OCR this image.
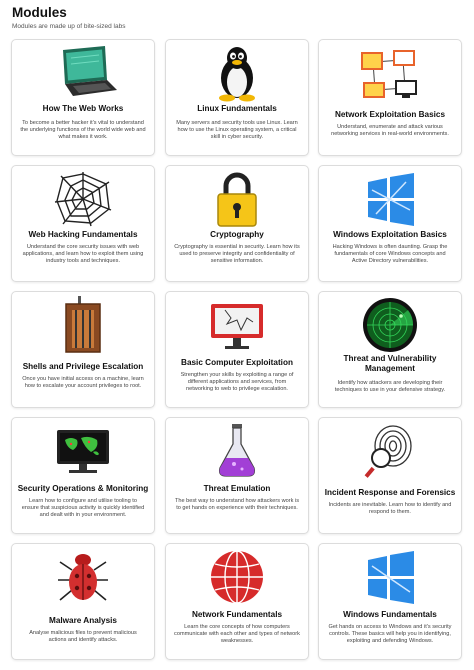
Modules

Modules are made up of bite-sized labs

How The Web Works
To become a better hacker it's vital to understand the underlying functions of the world wide web and what makes it work.
Linux Fundamentals
Many servers and security tools use Linux. Learn how to use the Linux operating system, a critical skill in cyber security.
Network Exploitation Basics
Understand, enumerate and attack various networking services in real-world environments.
Web Hacking Fundamentals
Understand the core security issues with web applications, and learn how to exploit them using industry tools and techniques.
Cryptography
Cryptography is essential in security. Learn how its used to preserve integrity and confidentiality of sensitive information.
Windows Exploitation Basics
Hacking Windows is often daunting. Grasp the fundamentals of core Windows concepts and Active Directory vulnerabilities.
Shells and Privilege Escalation
Once you have initial access on a machine, learn how to escalate your account privileges to root.
Basic Computer Exploitation
Strengthen your skills by exploiting a range of different applications and services, from networking to web to privilege escalation.
Threat and Vulnerability Management
Identify how attackers are developing their techniques to use in your defensive strategy.
Security Operations & Monitoring
Learn how to configure and utilise tooling to ensure that suspicious activity is quickly identified and dealt with in your environment.
Threat Emulation
The best way to understand how attackers work is to get hands on experience with their techniques.
Incident Response and Forensics
Incidents are inevitable. Learn how to identify and respond to them.
Malware Analysis
Analyse malicious files to prevent malicious actions and identify attacks.
Network Fundamentals
Learn the core concepts of how computers communicate with each other and types of network weaknesses.
Windows Fundamentals
Get hands on access to Windows and it's security controls. These basics will help you in identifying, exploiting and defending Windows.
